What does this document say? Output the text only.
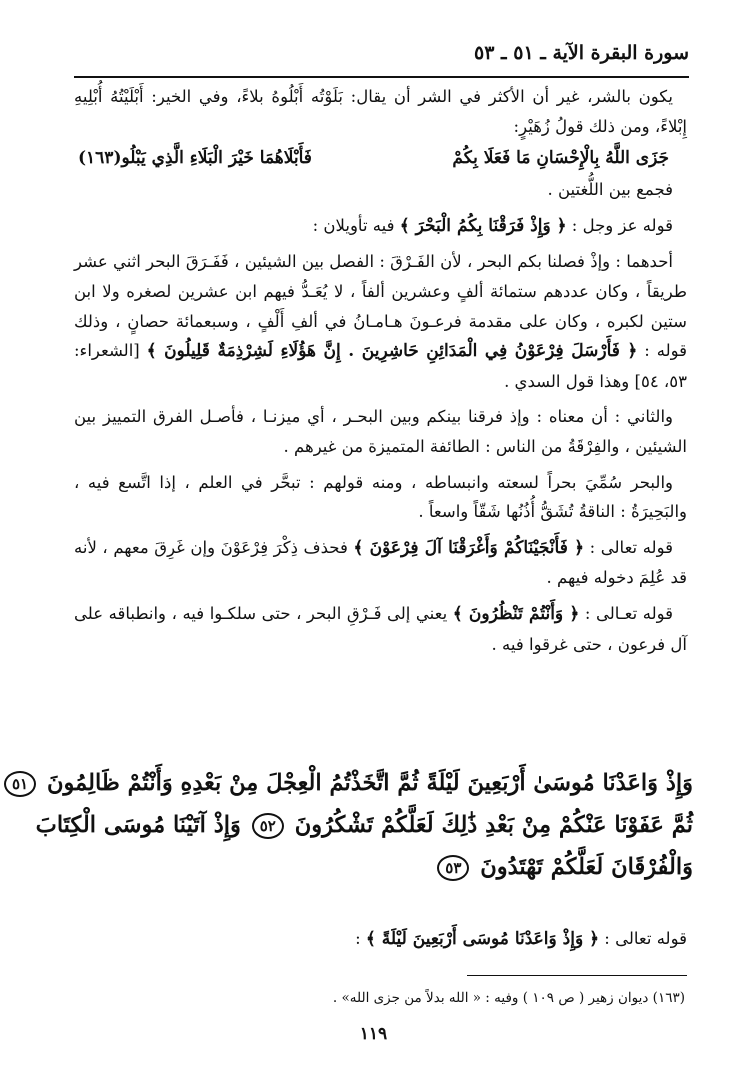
سورة البقرة الآية ـ ٥١ ـ ٥٣

يكون بالشر، غير أن الأكثر في الشر أن يقال: بَلَوْتُه أَبْلُوهُ بلاءً، وفي الخير: أَبْلَيْتُهُ أُبْلِيهِ إِبْلاءً، ومن ذلك قولُ زُهَيْرٍ:

جَزَى اللَّهُ بِالْإِحْسَانِ مَا فَعَلَا بِكُمْ
فَأَبْلَاهُمَا خَيْرَ الْبَلَاءِ الَّذِي يَبْلُو(١٦٣)

فجمع بين اللُّغتين .

قوله عز وجل : ﴿ وَإِذْ فَرَقْنَا بِكُمُ الْبَحْرَ ﴾ فيه تأويلان :

أحدهما : وإذْ فصلنا بكم البحر ، لأن الفَـرْقَ : الفصل بين الشيئين ، فَفَـرَقَ البحر اثني عشر طريقاً ، وكان عددهم ستمائة ألفٍ وعشرين ألفاً ، لا يُعَـدُّ فيهم ابن عشرين لصغره ولا ابن ستين لكبره ، وكان على مقدمة فرعـونَ هـامـانُ في ألفِ أَلْفٍ ، وسبعمائة حصانٍ ، وذلك قوله : ﴿ فَأَرْسَلَ فِرْعَوْنُ فِي الْمَدَائِنِ حَاشِرِينَ . إِنَّ هَؤُلَاءِ لَشِرْذِمَةٌ قَلِيلُونَ ﴾ [الشعراء: ٥٣، ٥٤] وهذا قول السدي .

والثاني : أن معناه : وإذ فرقنا بينكم وبين البحـر ، أي ميزنـا ، فأصـل الفرق التمييز بين الشيئين ، والفِرْقَةُ من الناس : الطائفة المتميزة من غيرهم .

والبحر سُمِّيَ بحراً لسعته وانبساطه ، ومنه قولهم : تبحَّر في العلم ، إذا اتَّسع فيه ، والبَحِيرَةُ : الناقةُ تُشَقُّ أُذُنُها شَقّاً واسعاً .

قوله تعالى : ﴿ فَأَنْجَيْنَاكُمْ وَأَغْرَقْنَا آلَ فِرْعَوْنَ ﴾ فحذف ذِكْرَ فِرْعَوْنَ وإن غَرِقَ معهم ، لأنه قد عُلِمَ دخوله فيهم .

قوله تعـالى : ﴿ وَأَنْتُمْ تَنْظُرُونَ ﴾ يعني إلى فَـرْقِ البحر ، حتى سلكـوا فيه ، وانطباقه على آل فرعون ، حتى غرقوا فيه .

وَإِذْ وَاعَدْنَا مُوسَىٰ أَرْبَعِينَ لَيْلَةً ثُمَّ اتَّخَذْتُمُ الْعِجْلَ مِنْ بَعْدِهِ وَأَنْتُمْ ظَالِمُونَ ٥١
ثُمَّ عَفَوْنَا عَنْكُمْ مِنْ بَعْدِ ذَٰلِكَ لَعَلَّكُمْ تَشْكُرُونَ ٥٢ وَإِذْ آتَيْنَا مُوسَى الْكِتَابَ
وَالْفُرْقَانَ لَعَلَّكُمْ تَهْتَدُونَ ٥٣
قوله تعالى : ﴿ وَإِذْ وَاعَدْنَا مُوسَى أَرْبَعِينَ لَيْلَةً ﴾ :
(١٦٣) ديوان زهير ( ص ١٠٩ ) وفيه : « الله بدلاً من جزى الله» .
١١٩
